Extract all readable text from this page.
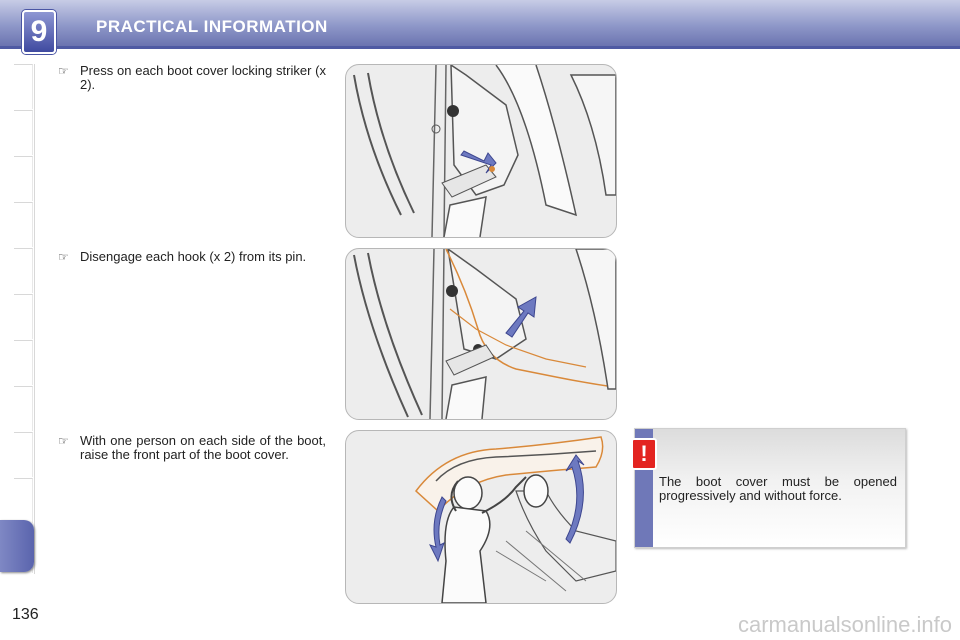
9	PRACTICAL INFORMATION
☞ Press on each boot cover locking striker (x 2).
☞ Disengage each hook (x 2) from its pin.
☞ With one person on each side of the boot, raise the front part of the boot cover.
The boot cover must be opened progressively and without force.
!
136	carmanualsonline.info
